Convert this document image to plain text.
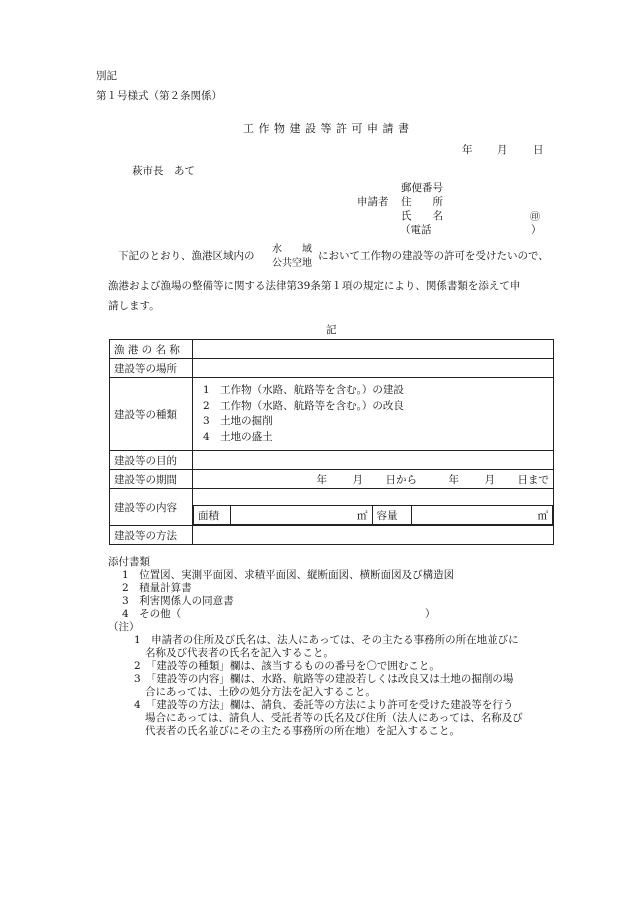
別記
第１号様式（第２条関係）
工作物建設等許可申請書
年 月 日
萩市長　あて
郵便番号
申請者 住　　所
氏　　名	㊞
（電話	）
下記のとおり、漁港区域内の
水　　域
公共空地
において工作物の建設等の許可を受けたいので、
漁港および漁場の整備等に関する法律第39条第１項の規定により、関係書類を添えて申
請します。
記
漁 港 の 名 称	
建設等の場所	
建設等の種類	
1　工作物（水路、航路等を含む。）の建設
2　工作物（水路、航路等を含む。）の改良
3　土地の掘削
4　土地の盛土

建設等の目的	
建設等の期間	年	月	日から	年	月	日まで

建設等の内容	
面積	㎡	容量	㎥

建設等の方法	
添付書類
1　位置図、実測平面図、求積平面図、縦断面図、横断面図及び構造図
2　積量計算書
3　利害関係人の同意書
4　その他（	）
（注）
1　申請者の住所及び氏名は、法人にあっては、その主たる事務所の所在地並びに
名称及び代表者の氏名を記入すること。
2　「建設等の種類」欄は、該当するものの番号を〇で囲むこと。
3　「建設等の内容」欄は、水路、航路等の建設若しくは改良又は土地の掘削の場
合にあっては、土砂の処分方法を記入すること。
4　「建設等の方法」欄は、請負、委託等の方法により許可を受けた建設等を行う
場合にあっては、請負人、受託者等の氏名及び住所（法人にあっては、名称及び
代表者の氏名並びにその主たる事務所の所在地）を記入すること。
